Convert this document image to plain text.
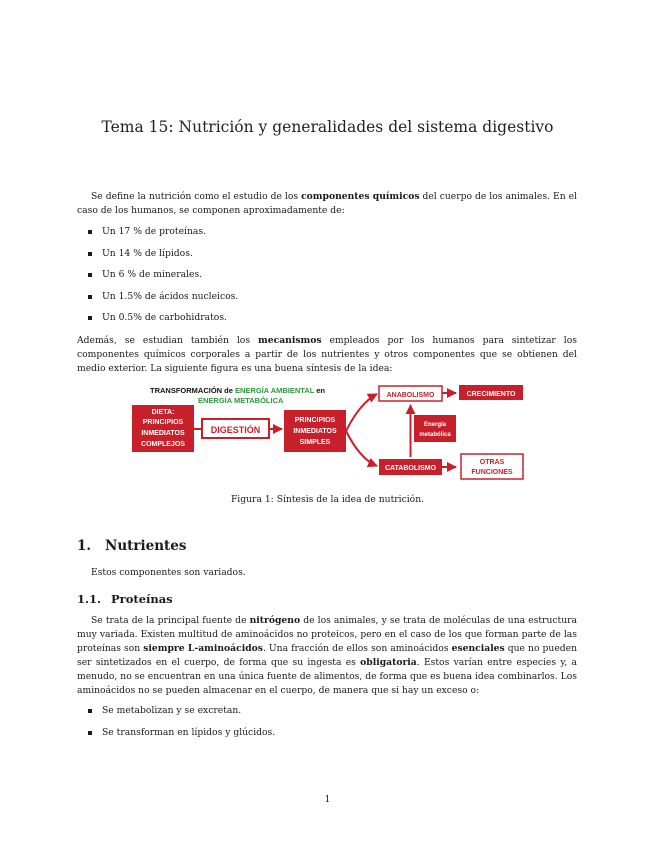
Tema 15: Nutrición y generalidades del sistema digestivo

Se define la nutrición como el estudio de los componentes químicos del cuerpo de los animales. En el caso de los humanos, se componen aproximadamente de:

Un 17 % de proteínas.
Un 14 % de lípidos.
Un 6 % de minerales.
Un 1.5% de ácidos nucleicos.
Un 0.5% de carbohidratos.

Además, se estudian también los mecanismos empleados por los humanos para sintetizar los componentes químicos corporales a partir de los nutrientes y otros componentes que se obtienen del medio exterior. La siguiente figura es una buena síntesis de la idea:

TRANSFORMACIÓN de ENERGÍA AMBIENTAL en
ENERGÍA METABÓLICA
DIETA:
PRINCIPIOS
INMEDIATOS
COMPLEJOS
DIGESTIÓN
PRINCIPIOS
INMEDIATOS
SIMPLES
ANABOLISMO	CRECIMIENTO
Energía
metabólica
CATABOLISMO
OTRAS
FUNCIONES
Figura 1: Síntesis de la idea de nutrición.
1. Nutrientes

Estos componentes son variados.

1.1. Proteínas

Se trata de la principal fuente de nitrógeno de los animales, y se trata de moléculas de una estructura muy variada. Existen multitud de aminoácidos no proteicos, pero en el caso de los que forman parte de las proteínas son siempre L-aminoácidos. Una fracción de ellos son aminoácidos esenciales que no pueden ser sintetizados en el cuerpo, de forma que su ingesta es obligatoria. Estos varían entre especies y, a menudo, no se encuentran en una única fuente de alimentos, de forma que es buena idea combinarlos. Los aminoácidos no se pueden almacenar en el cuerpo, de manera que si hay un exceso o:

Se metabolizan y se excretan.
Se transforman en lípidos y glúcidos.
1
